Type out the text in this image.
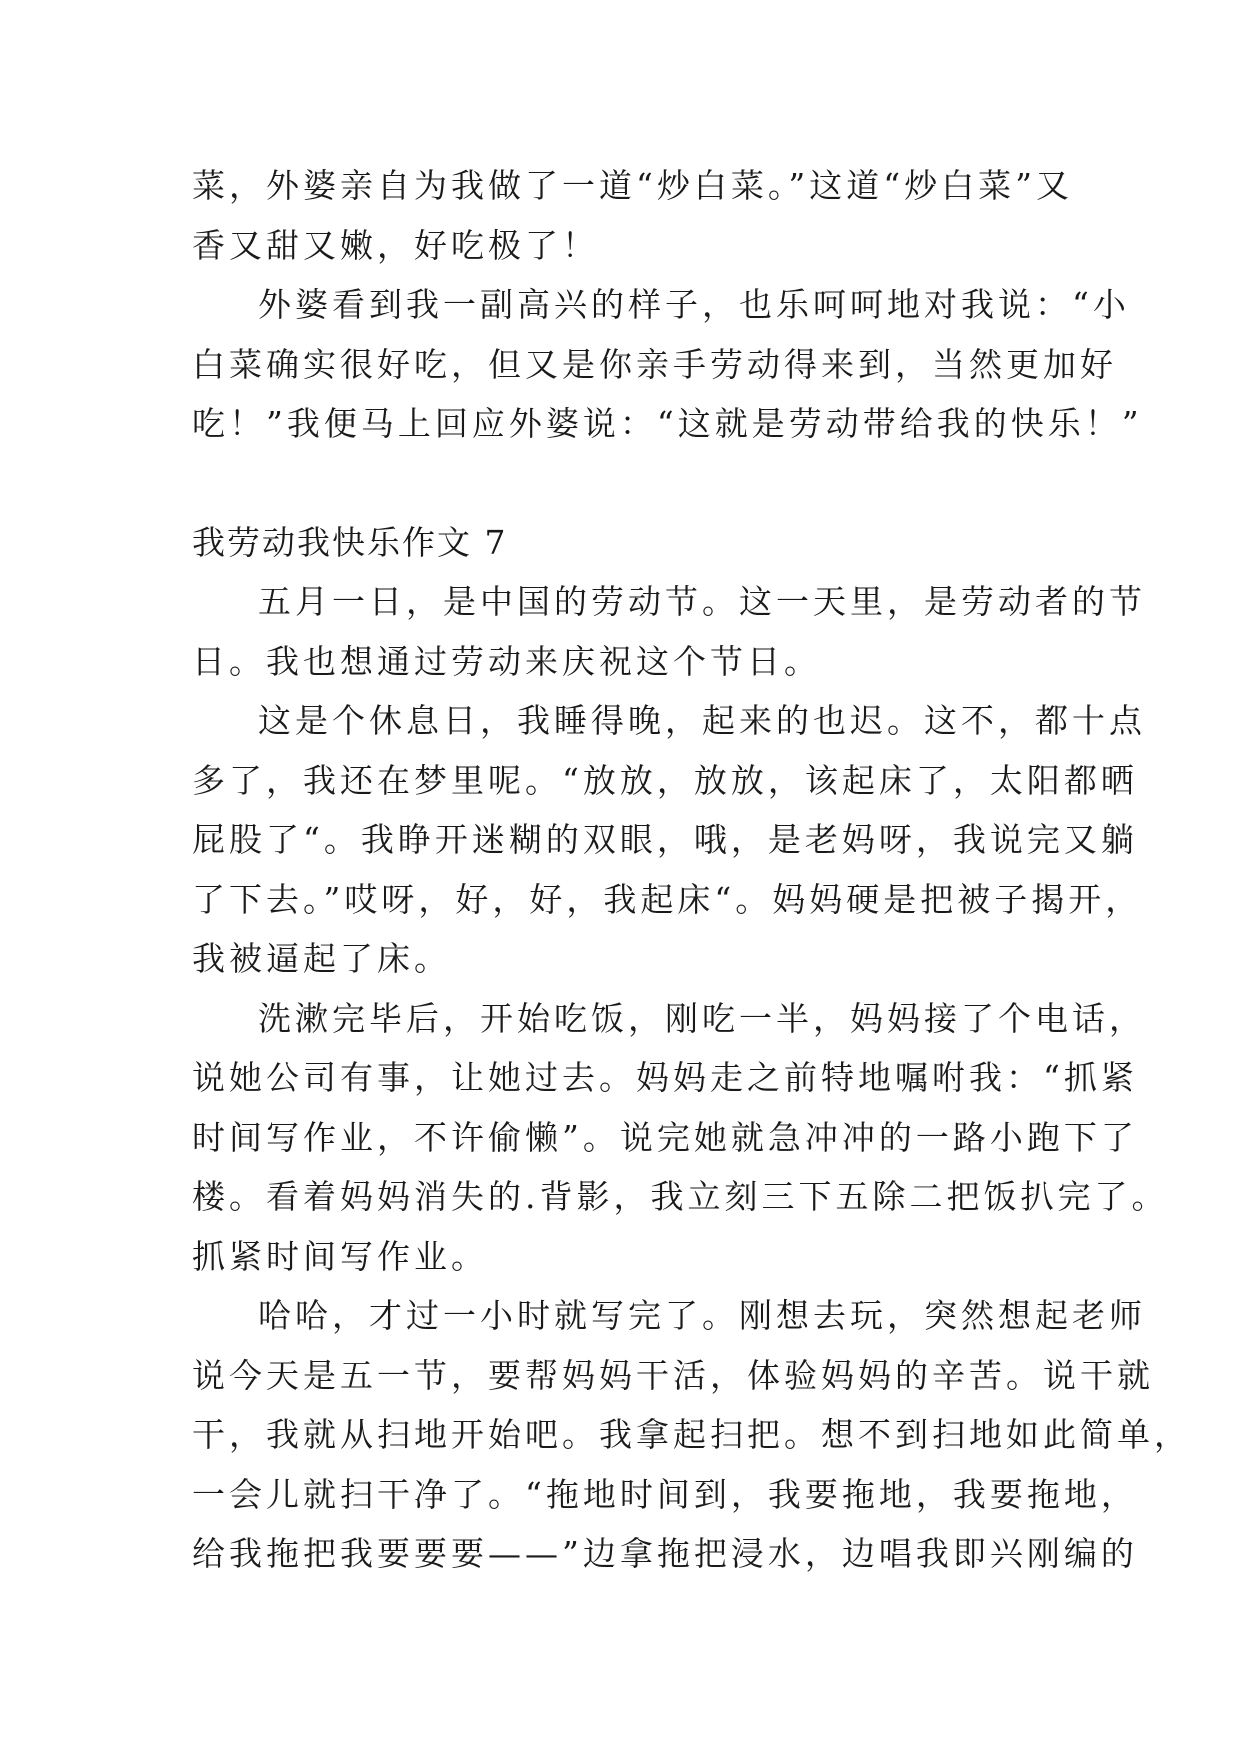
菜，外婆亲自为我做了一道“炒白菜。”这道“炒白菜”又
香又甜又嫩，好吃极了！

外婆看到我一副高兴的样子，也乐呵呵地对我说：“小
白菜确实很好吃，但又是你亲手劳动得来到，当然更加好
吃！”我便马上回应外婆说：“这就是劳动带给我的快乐！”

我劳动我快乐作文 7

五月一日，是中国的劳动节。这一天里，是劳动者的节
日。我也想通过劳动来庆祝这个节日。

这是个休息日，我睡得晚，起来的也迟。这不，都十点
多了，我还在梦里呢。“放放，放放，该起床了，太阳都晒
屁股了“。我睁开迷糊的双眼，哦，是老妈呀，我说完又躺
了下去。”哎呀，好，好，我起床“。妈妈硬是把被子揭开，
我被逼起了床。

洗漱完毕后，开始吃饭，刚吃一半，妈妈接了个电话，
说她公司有事，让她过去。妈妈走之前特地嘱咐我：“抓紧
时间写作业，不许偷懒”。说完她就急冲冲的一路小跑下了
楼。看着妈妈消失的.背影，我立刻三下五除二把饭扒完了。
抓紧时间写作业。

哈哈，才过一小时就写完了。刚想去玩，突然想起老师
说今天是五一节，要帮妈妈干活，体验妈妈的辛苦。说干就
干，我就从扫地开始吧。我拿起扫把。想不到扫地如此简单，
一会儿就扫干净了。“拖地时间到，我要拖地，我要拖地，
给我拖把我要要要——”边拿拖把浸水，边唱我即兴刚编的
